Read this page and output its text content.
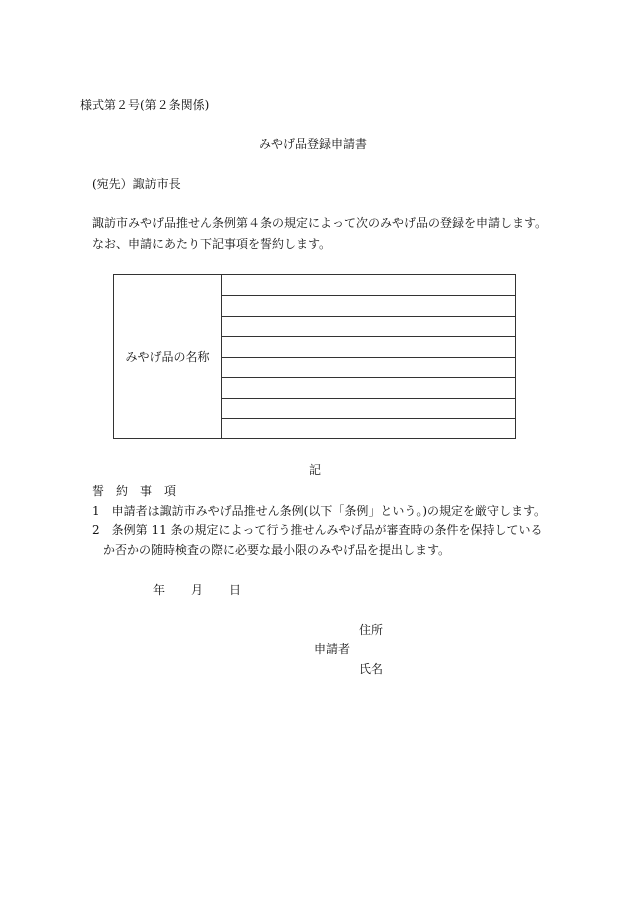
様式第２号(第２条関係)
みやげ品登録申請書
(宛先）諏訪市長
諏訪市みやげ品推せん条例第４条の規定によって次のみやげ品の登録を申請します。
なお、申請にあたり下記事項を誓約します。
みやげ品の名称
記
誓　約　事　項
1　申請者は諏訪市みやげ品推せん条例(以下「条例」という。)の規定を厳守します。
2　条例第 11 条の規定によって行う推せんみやげ品が審査時の条件を保持している
か否かの随時検査の際に必要な最小限のみやげ品を提出します。
年 月 日
住所
申請者
氏名
